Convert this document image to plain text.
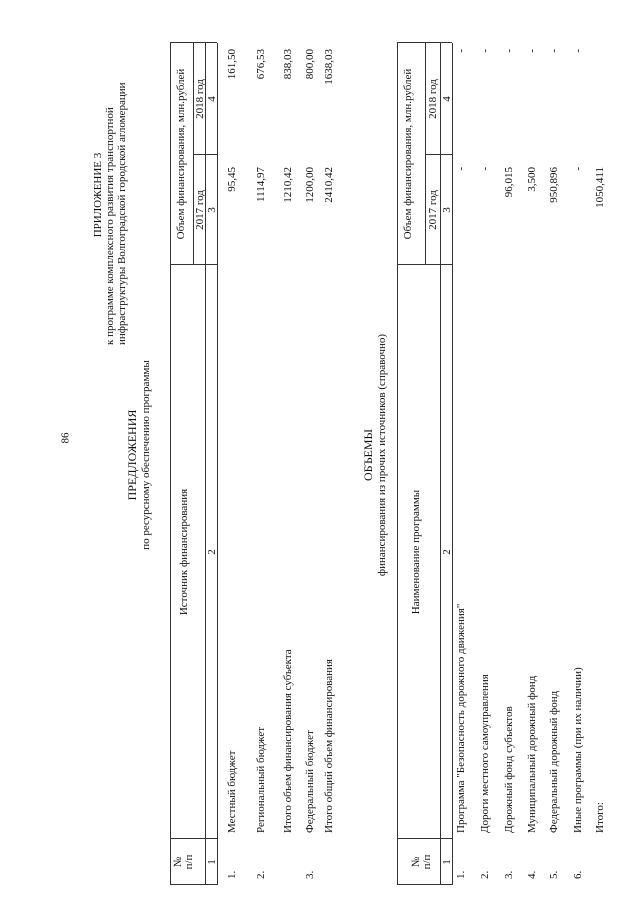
86
ПРИЛОЖЕНИЕ 3 к программе комплексного развития транспортной инфраструктуры Волгоградской городской агломерации
ПРЕДЛОЖЕНИЯ по ресурсному обеспечению программы
№ п/п
Источник финансирования
Объем финансирования, млн.рублей 2017 год
2018 год
1
2
3
4
1.
Местный бюджет
95,45
161,50
2.
Региональный бюджет
1114,97
676,53
Итого объем финансирования субъекта
1210,42
838,03
3.
Федеральный бюджет
1200,00
800,00
Итого общий объем финансирования
2410,42
1638,03
ОБЪЕМЫ финансирования из прочих источников (справочно)
№ п/п
Наименование программы
Объем финансирования, млн.рублей 2017 год
2018 год
1
2
3
4
1.
Программа "Безопасность дорожного движения"
-
-
2.
Дороги местного самоуправления
-
-
3.
Дорожный фонд субъектов
96,015
-
4.
Муниципальный дорожный фонд
3,500
-
5.
Федеральный дорожный фонд
950,896
-
6.
Иные программы (при их наличии)
-
-
Итого:
1050,411
